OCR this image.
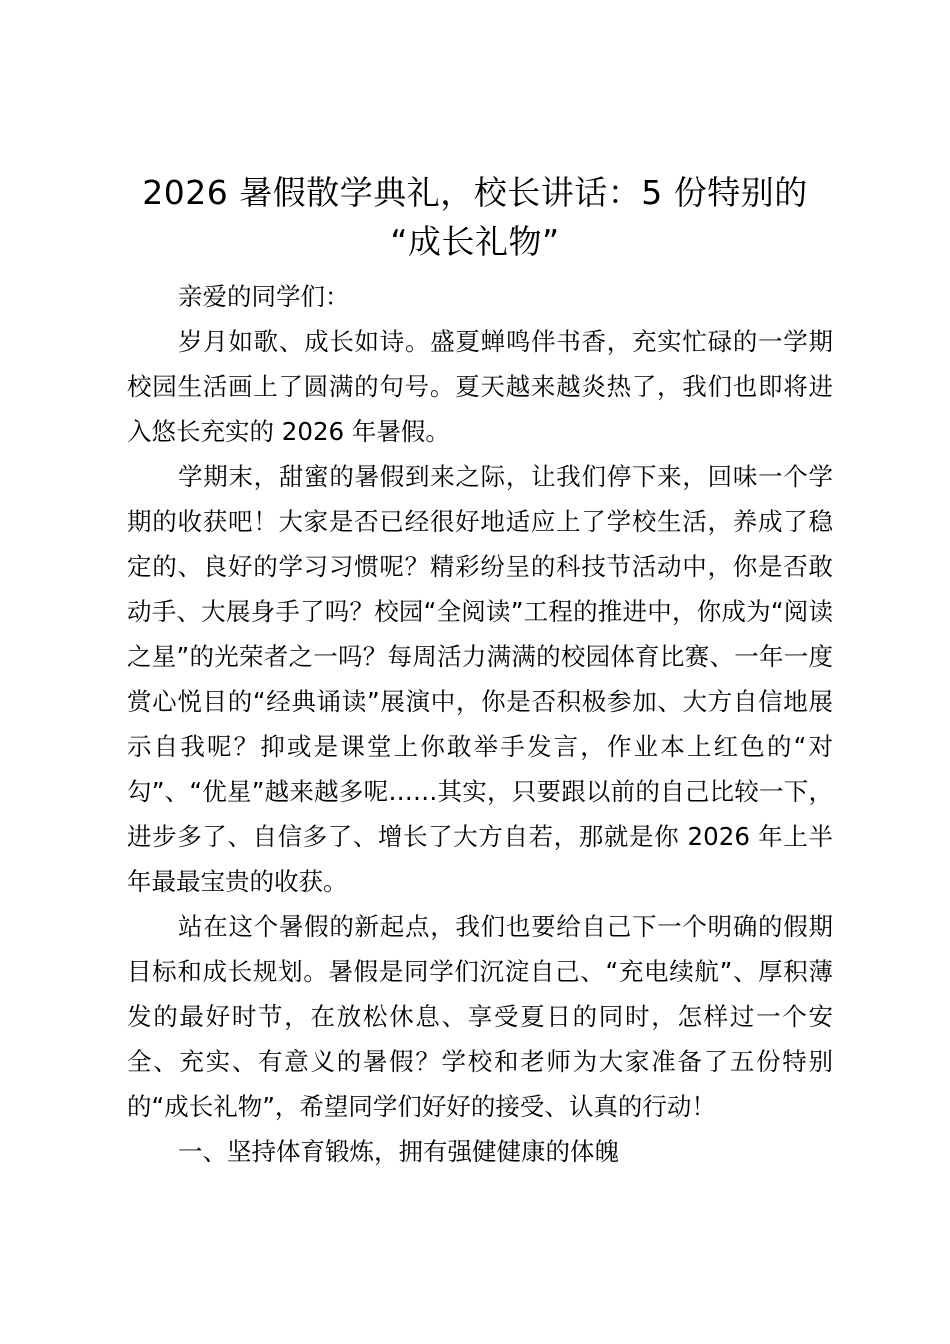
2026 暑假散学典礼，校长讲话：5 份特别的
“成长礼物”

亲爱的同学们：

岁月如歌、成长如诗。盛夏蝉鸣伴书香，充实忙碌的一学期校园生活画上了圆满的句号。夏天越来越炎热了，我们也即将进入悠长充实的 2026 年暑假。

学期末，甜蜜的暑假到来之际，让我们停下来，回味一个学期的收获吧！大家是否已经很好地适应上了学校生活，养成了稳定的、良好的学习习惯呢？精彩纷呈的科技节活动中，你是否敢动手、大展身手了吗？校园“全阅读”工程的推进中，你成为“阅读之星”的光荣者之一吗？每周活力满满的校园体育比赛、一年一度赏心悦目的“经典诵读”展演中，你是否积极参加、大方自信地展示自我呢？抑或是课堂上你敢举手发言，作业本上红色的“对勾”、“优星”越来越多呢……其实，只要跟以前的自己比较一下，进步多了、自信多了、增长了大方自若，那就是你 2026 年上半年最最宝贵的收获。

站在这个暑假的新起点，我们也要给自己下一个明确的假期目标和成长规划。暑假是同学们沉淀自己、“充电续航”、厚积薄发的最好时节，在放松休息、享受夏日的同时，怎样过一个安全、充实、有意义的暑假？学校和老师为大家准备了五份特别的“成长礼物”，希望同学们好好的接受、认真的行动！

一、坚持体育锻炼，拥有强健健康的体魄
